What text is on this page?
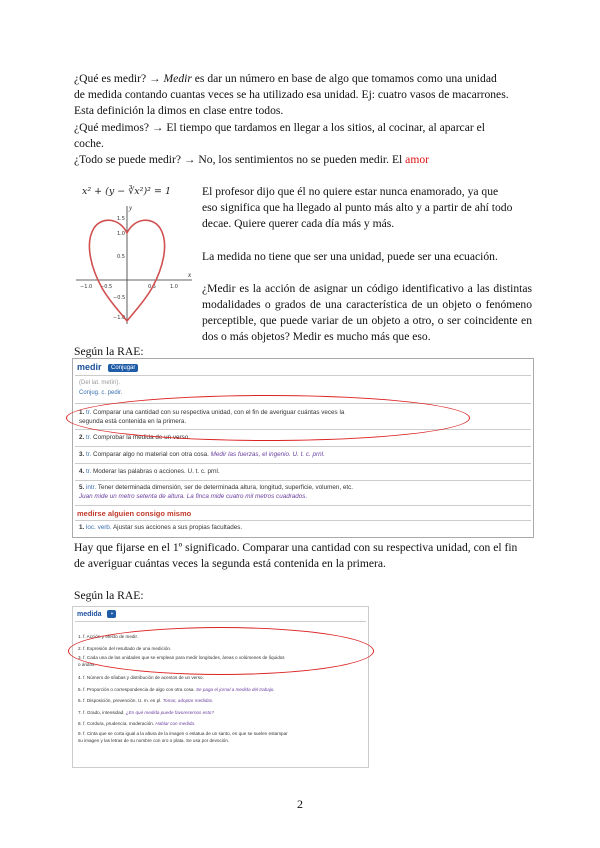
¿Qué es medir? → Medir es dar un número en base de algo que tomamos como una unidad
de medida contando cuantas veces se ha utilizado esa unidad. Ej: cuatro vasos de macarrones.
Esta definición la dimos en clase entre todos.
¿Qué medimos? → El tiempo que tardamos en llegar a los sitios, al cocinar, al aparcar el
coche.
¿Todo se puede medir? → No, los sentimientos no se pueden medir. El amor
x² + (y − ∛x²)² = 1
y
x
1.5
1.0
0.5
−0.5
−1.0
−1.0 −0.5	0.5	1.0
El profesor dijo que él no quiere estar nunca enamorado, ya que eso significa que ha llegado al punto más alto y a partir de ahí todo decae. Quiere querer cada día más y más.
La medida no tiene que ser una unidad, puede ser una ecuación.
¿Medir es la acción de asignar un código identificativo a las distintas modalidades o grados de una característica de un objeto o fenómeno perceptible, que puede variar de un objeto a otro, o ser coincidente en dos o más objetos? Medir es mucho más que eso.
Según la RAE:
medir Conjugar
(Del lat. metīri).
Conjug. c. pedir.
1. tr. Comparar una cantidad con su respectiva unidad, con el fin de averiguar cuántas veces la
segunda está contenida en la primera.
2. tr. Comprobar la medida de un verso.
3. tr. Comparar algo no material con otra cosa. Medir las fuerzas, el ingenio. U. t. c. prnl.
4. tr. Moderar las palabras o acciones. U. t. c. prnl.
5. intr. Tener determinada dimensión, ser de determinada altura, longitud, superficie, volumen, etc.
Juan mide un metro setenta de altura. La finca mide cuatro mil metros cuadrados.
medirse alguien consigo mismo
1. loc. verb. Ajustar sus acciones a sus propias facultades.
Hay que fijarse en el 1º significado. Comparar una cantidad con su respectiva unidad, con el fin de averiguar cuántas veces la segunda está contenida en la primera.
Según la RAE:
medida +
1. f. Acción y efecto de medir.
2. f. Expresión del resultado de una medición.
3. f. Cada una de las unidades que se emplean para medir longitudes, áreas o volúmenes de líquidos
o áridos.
4. f. Número de sílabas y distribución de acentos de un verso.
5. f. Proporción o correspondencia de algo con otra cosa. Se paga el jornal a medida del trabajo.
6. f. Disposición, prevención. U. m. en pl. Tomar, adoptar medidas.
7. f. Grado, intensidad. ¿En qué medida puede favorecernos esto?
8. f. Cordura, prudencia, moderación. Hablar con medida.
9. f. Cinta que se corta igual a la altura de la imagen o estatua de un santo, en que se suelen estampar
su imagen y las letras de su nombre con oro o plata. Se usa por devoción.
2
